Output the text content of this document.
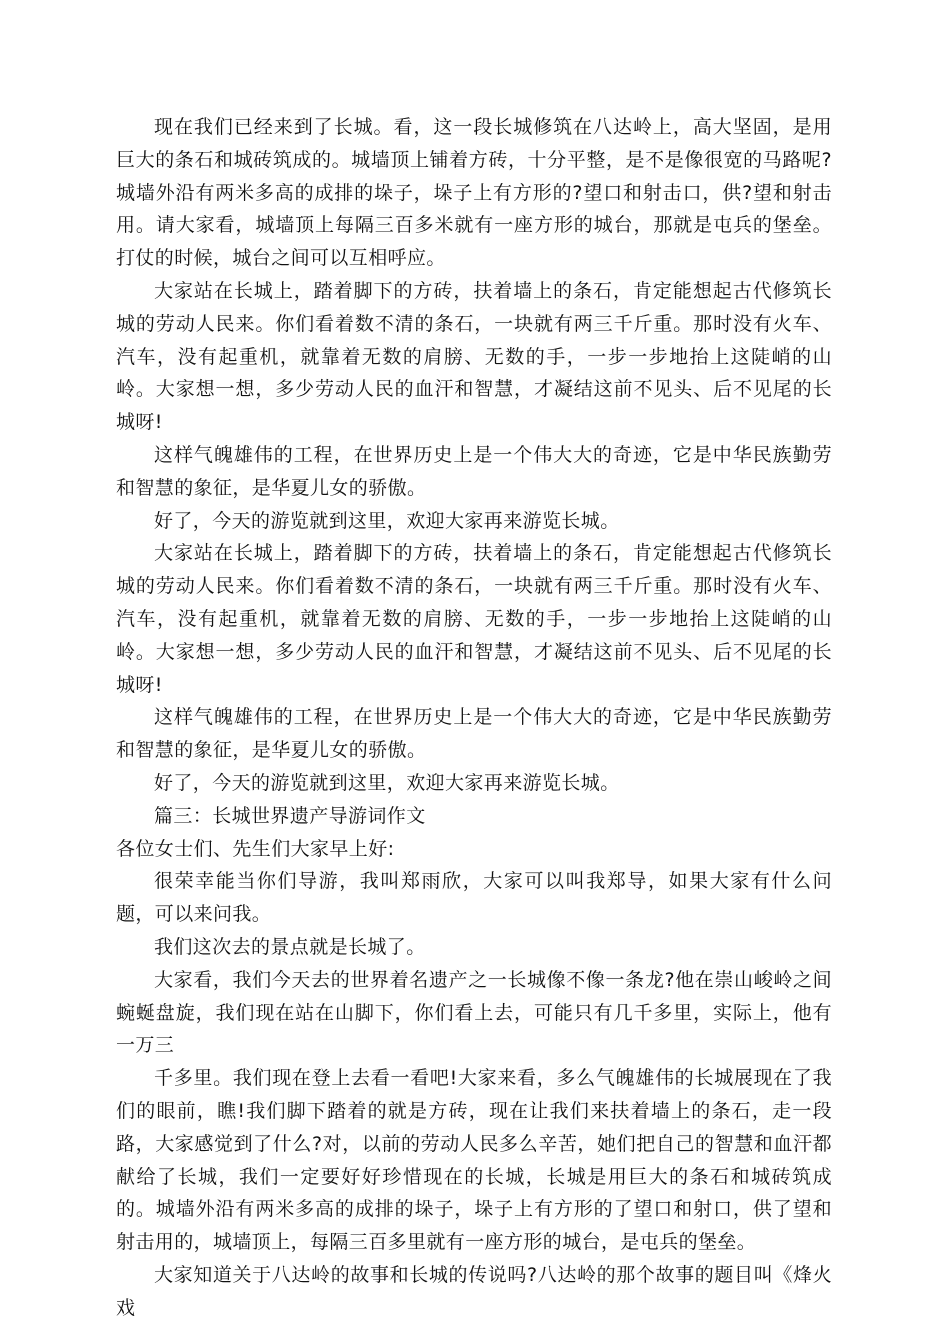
现在我们已经来到了长城。看，这一段长城修筑在八达岭上，高大坚固，是用巨大的条石和城砖筑成的。城墙顶上铺着方砖，十分平整，是不是像很宽的马路呢?城墙外沿有两米多高的成排的垛子，垛子上有方形的?望口和射击口，供?望和射击用。请大家看，城墙顶上每隔三百多米就有一座方形的城台，那就是屯兵的堡垒。打仗的时候，城台之间可以互相呼应。

大家站在长城上，踏着脚下的方砖，扶着墙上的条石，肯定能想起古代修筑长城的劳动人民来。你们看着数不清的条石，一块就有两三千斤重。那时没有火车、汽车，没有起重机，就靠着无数的肩膀、无数的手，一步一步地抬上这陡峭的山岭。大家想一想，多少劳动人民的血汗和智慧，才凝结这前不见头、后不见尾的长城呀!

这样气魄雄伟的工程，在世界历史上是一个伟大大的奇迹，它是中华民族勤劳和智慧的象征，是华夏儿女的骄傲。

好了，今天的游览就到这里，欢迎大家再来游览长城。

大家站在长城上，踏着脚下的方砖，扶着墙上的条石，肯定能想起古代修筑长城的劳动人民来。你们看着数不清的条石，一块就有两三千斤重。那时没有火车、汽车，没有起重机，就靠着无数的肩膀、无数的手，一步一步地抬上这陡峭的山岭。大家想一想，多少劳动人民的血汗和智慧，才凝结这前不见头、后不见尾的长城呀!

这样气魄雄伟的工程，在世界历史上是一个伟大大的奇迹，它是中华民族勤劳和智慧的象征，是华夏儿女的骄傲。

好了，今天的游览就到这里，欢迎大家再来游览长城。

篇三：长城世界遗产导游词作文

各位女士们、先生们大家早上好:

很荣幸能当你们导游，我叫郑雨欣，大家可以叫我郑导，如果大家有什么问题，可以来问我。

我们这次去的景点就是长城了。

大家看，我们今天去的世界着名遗产之一长城像不像一条龙?他在崇山峻岭之间蜿蜒盘旋，我们现在站在山脚下，你们看上去，可能只有几千多里，实际上，他有一万三

千多里。我们现在登上去看一看吧!大家来看，多么气魄雄伟的长城展现在了我们的眼前，瞧!我们脚下踏着的就是方砖，现在让我们来扶着墙上的条石，走一段路，大家感觉到了什么?对，以前的劳动人民多么辛苦，她们把自己的智慧和血汗都献给了长城，我们一定要好好珍惜现在的长城，长城是用巨大的条石和城砖筑成的。城墙外沿有两米多高的成排的垛子，垛子上有方形的了望口和射口，供了望和射击用的，城墙顶上，每隔三百多里就有一座方形的城台，是屯兵的堡垒。

大家知道关于八达岭的故事和长城的传说吗?八达岭的那个故事的题目叫《烽火戏
